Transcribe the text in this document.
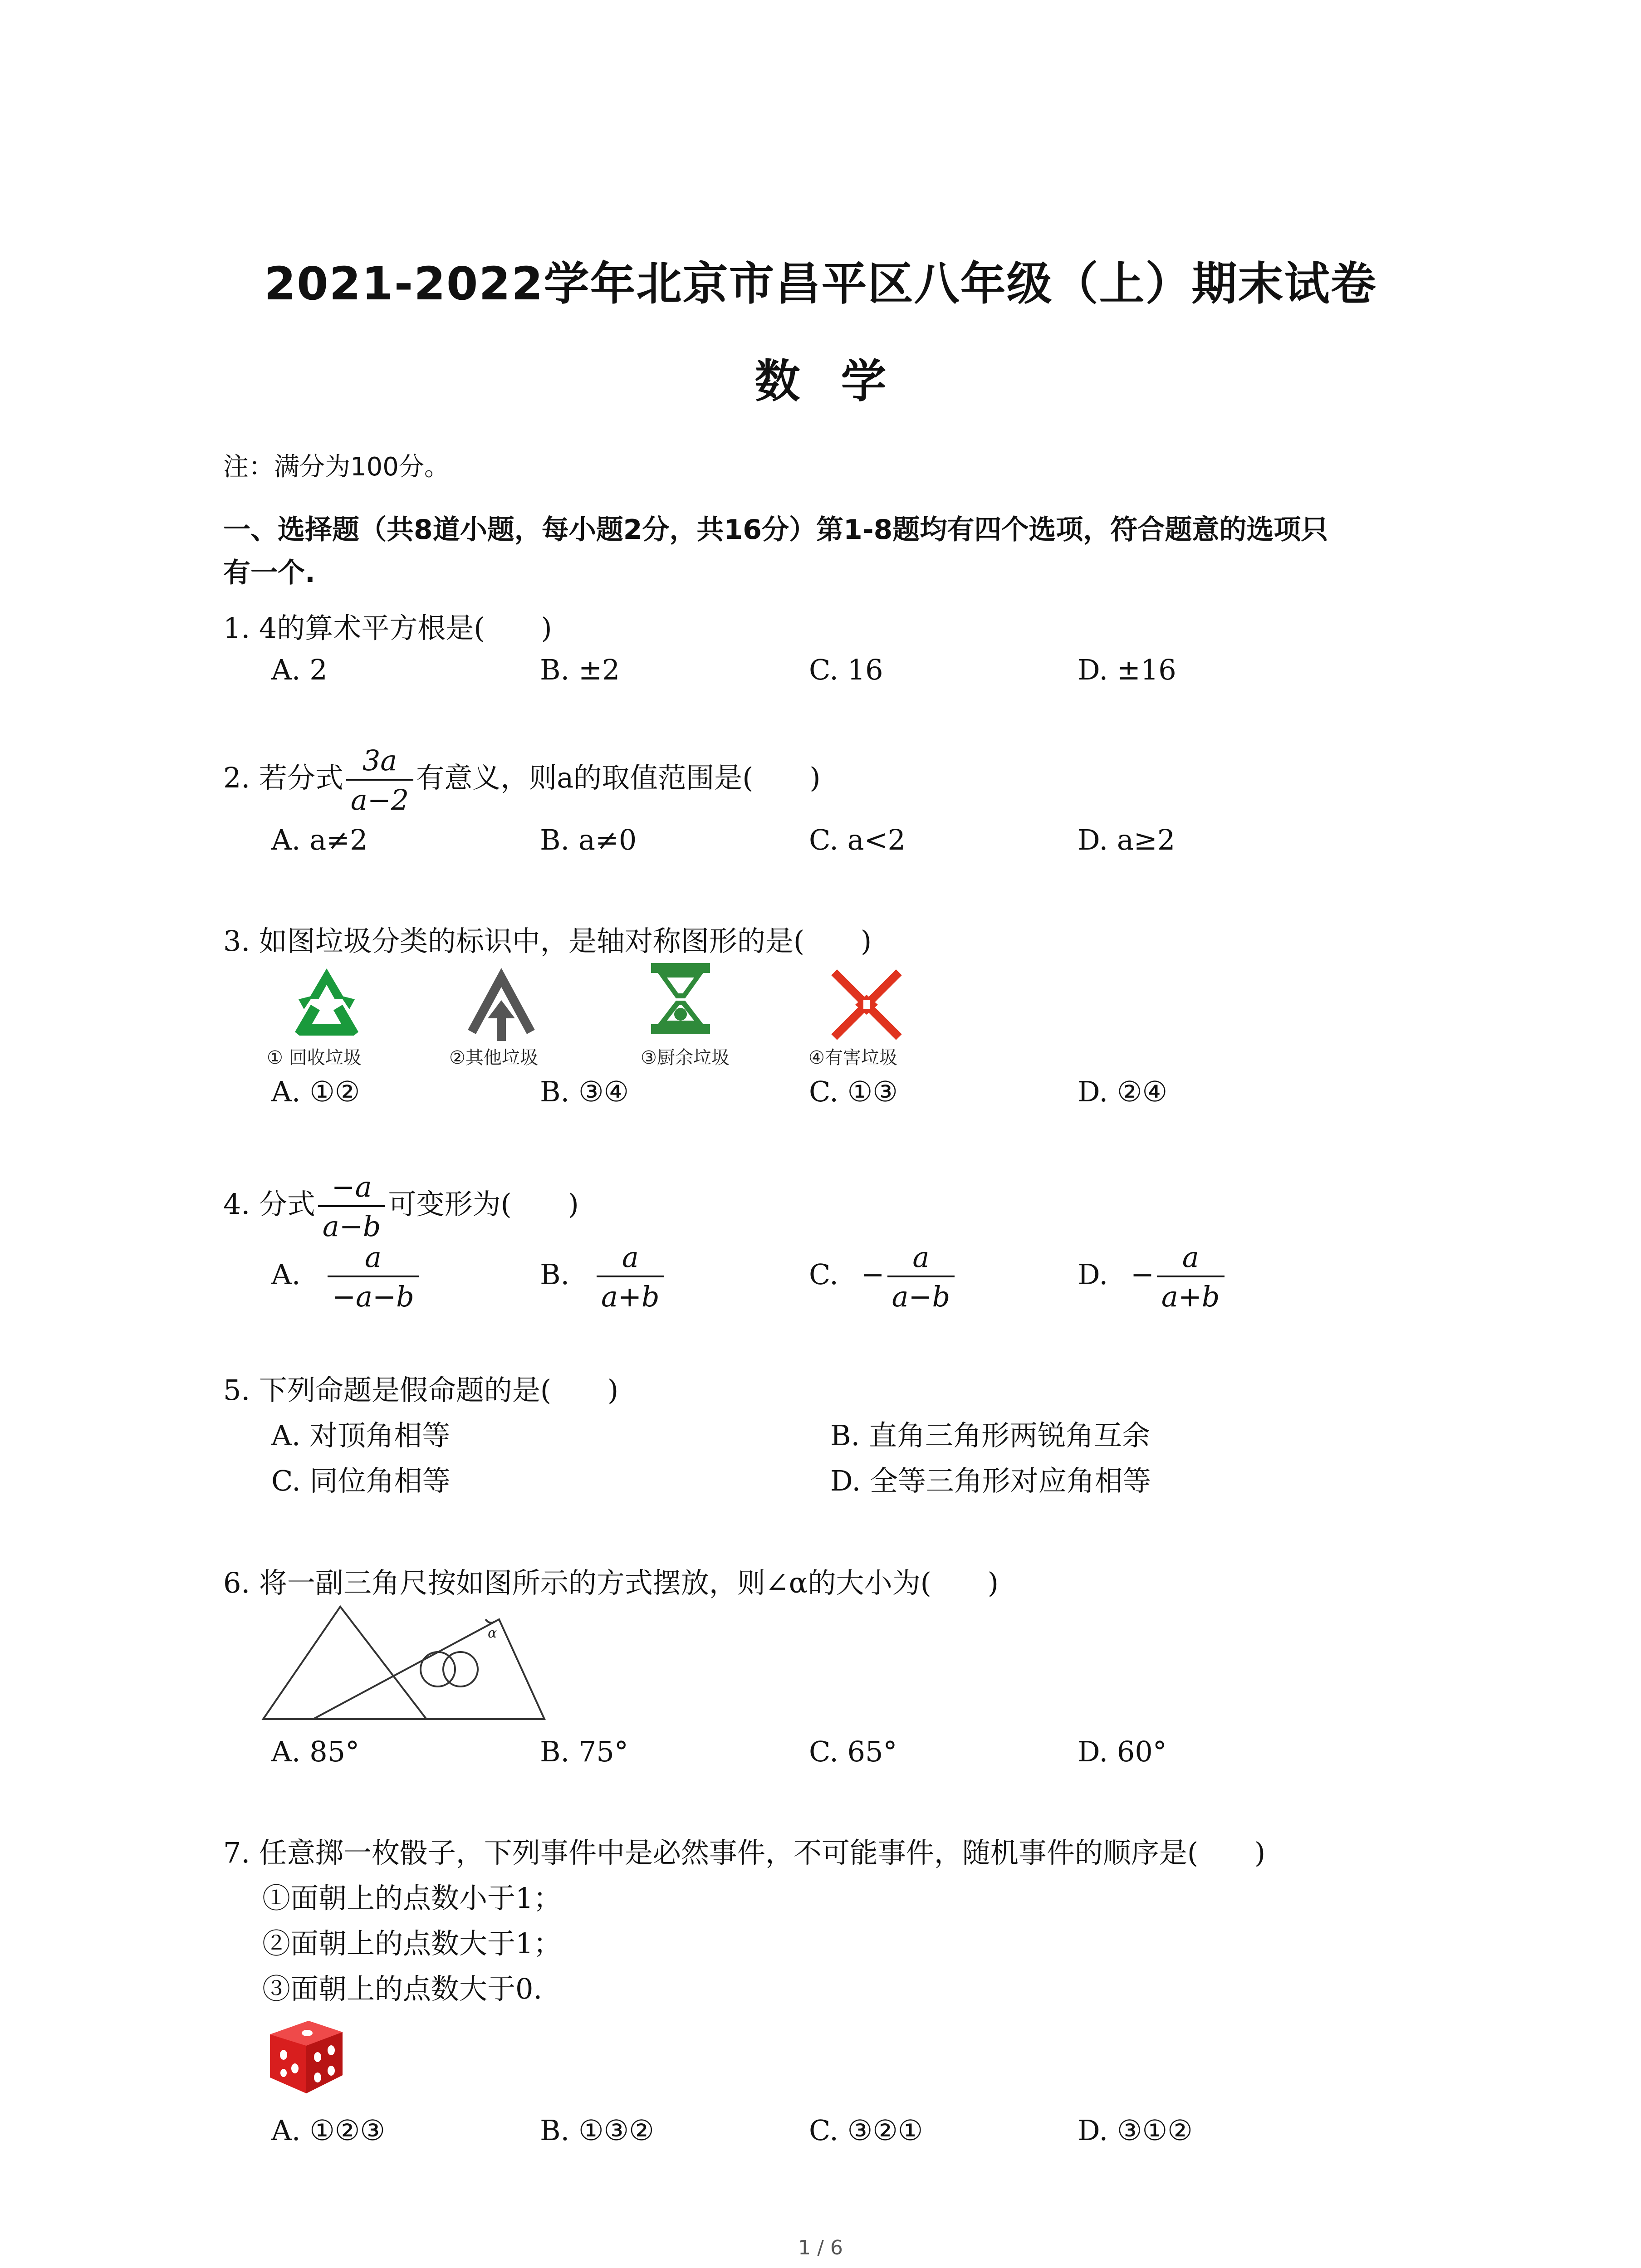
2021-2022学年北京市昌平区八年级（上）期末试卷
数学
注：满分为100分。
一、选择题（共8道小题，每小题2分，共16分）第1-8题均有四个选项，符合题意的选项只
有一个.
1. 4的算术平方根是(　　)
A. 2	B. ±2	C. 16	D. ±16
2. 若分式 $\frac{3a}{a-2}$ 有意义，则a的取值范围是(　　)
A. a≠2	B. a≠0	C. a<2	D. a≥2
3. 如图垃圾分类的标识中，是轴对称图形的是(　　)
① 回收垃圾	②其他垃圾	③厨余垃圾	④有害垃圾
A. ①②	B. ③④	C. ①③	D. ②④
4. 分式 $\frac{-a}{a-b}$ 可变形为(　　)
A. $\frac{a}{-a-b}$	B. $\frac{a}{a+b}$	C. − $\frac{a}{a-b}$	D. − $\frac{a}{a+b}$
5. 下列命题是假命题的是(　　)
A. 对顶角相等	B. 直角三角形两锐角互余
C. 同位角相等	D. 全等三角形对应角相等
6. 将一副三角尺按如图所示的方式摆放，则∠α的大小为(　　)
α
A. 85°	B. 75°	C. 65°	D. 60°
7. 任意掷一枚骰子，下列事件中是必然事件，不可能事件，随机事件的顺序是(　　)
①面朝上的点数小于1；
②面朝上的点数大于1；
③面朝上的点数大于0.
A. ①②③	B. ①③②	C. ③②①	D. ③①②
1 / 6
